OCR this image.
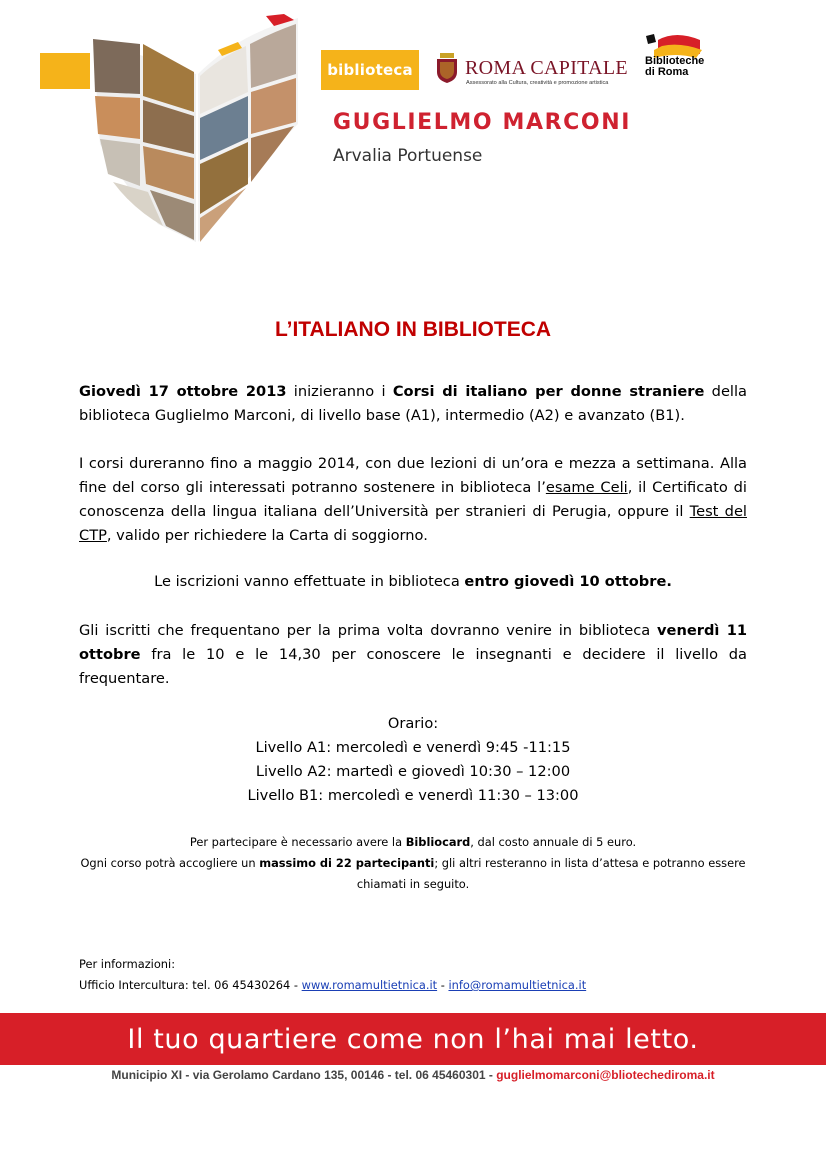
biblioteca	ROMA CAPITALE
Assessorato alla Cultura, creatività e promozione artistica
Biblioteche
di Roma
GUGLIELMO MARCONI
Arvalia Portuense
L’ITALIANO IN BIBLIOTECA
Giovedì 17 ottobre 2013 inizieranno i Corsi di italiano per donne straniere della biblioteca Guglielmo Marconi, di livello base (A1), intermedio (A2) e avanzato (B1).
I corsi dureranno fino a maggio 2014, con due lezioni di un’ora e mezza a settimana. Alla fine del corso gli interessati potranno sostenere in biblioteca l’esame Celi, il Certificato di conoscenza della lingua italiana dell’Università per stranieri di Perugia, oppure il Test del CTP, valido per richiedere la Carta di soggiorno.
Le iscrizioni vanno effettuate in biblioteca entro giovedì 10 ottobre.
Gli iscritti che frequentano per la prima volta dovranno venire in biblioteca venerdì 11 ottobre fra le 10 e le 14,30 per conoscere le insegnanti e decidere il livello da frequentare.
Orario:
Livello A1: mercoledì e venerdì 9:45 -11:15
Livello A2: martedì e giovedì 10:30 – 12:00
Livello B1: mercoledì e venerdì 11:30 – 13:00
Per partecipare è necessario avere la Bibliocard, dal costo annuale di 5 euro.
Ogni corso potrà accogliere un massimo di 22 partecipanti; gli altri resteranno in lista d’attesa e potranno essere chiamati in seguito.
Per informazioni:
Ufficio Intercultura: tel. 06 45430264 - www.romamultietnica.it - info@romamultietnica.it
Il tuo quartiere come non l’hai mai letto.
Municipio XI - via Gerolamo Cardano 135, 00146 - tel. 06 45460301 - guglielmomarconi@bliotechediroma.it
